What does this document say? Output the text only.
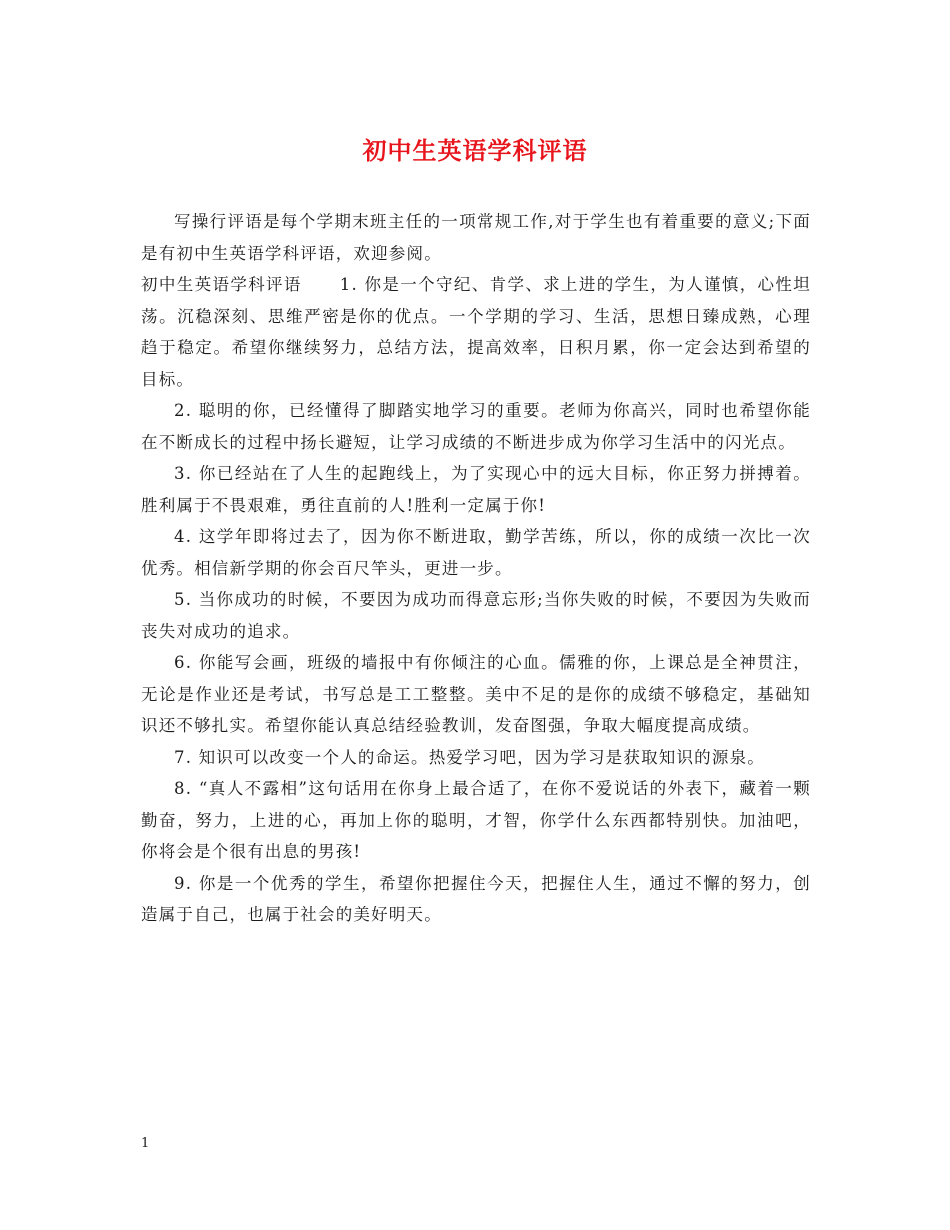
初中生英语学科评语

写操行评语是每个学期末班主任的一项常规工作,对于学生也有着重要的意义;下面是有初中生英语学科评语，欢迎参阅。

初中生英语学科评语 1. 你是一个守纪、肯学、求上进的学生，为人谨慎，心性坦荡。沉稳深刻、思维严密是你的优点。一个学期的学习、生活，思想日臻成熟，心理趋于稳定。希望你继续努力，总结方法，提高效率，日积月累，你一定会达到希望的目标。

2. 聪明的你，已经懂得了脚踏实地学习的重要。老师为你高兴，同时也希望你能在不断成长的过程中扬长避短，让学习成绩的不断进步成为你学习生活中的闪光点。

3. 你已经站在了人生的起跑线上，为了实现心中的远大目标，你正努力拼搏着。胜利属于不畏艰难，勇往直前的人!胜利一定属于你!

4. 这学年即将过去了，因为你不断进取，勤学苦练，所以，你的成绩一次比一次优秀。相信新学期的你会百尺竿头，更进一步。

5. 当你成功的时候，不要因为成功而得意忘形;当你失败的时候，不要因为失败而丧失对成功的追求。

6. 你能写会画，班级的墙报中有你倾注的心血。儒雅的你，上课总是全神贯注，无论是作业还是考试，书写总是工工整整。美中不足的是你的成绩不够稳定，基础知识还不够扎实。希望你能认真总结经验教训，发奋图强，争取大幅度提高成绩。

7. 知识可以改变一个人的命运。热爱学习吧，因为学习是获取知识的源泉。

8. “真人不露相”这句话用在你身上最合适了，在你不爱说话的外表下，藏着一颗勤奋，努力，上进的心，再加上你的聪明，才智，你学什么东西都特别快。加油吧，你将会是个很有出息的男孩!

9. 你是一个优秀的学生，希望你把握住今天，把握住人生，通过不懈的努力，创造属于自己，也属于社会的美好明天。

1
